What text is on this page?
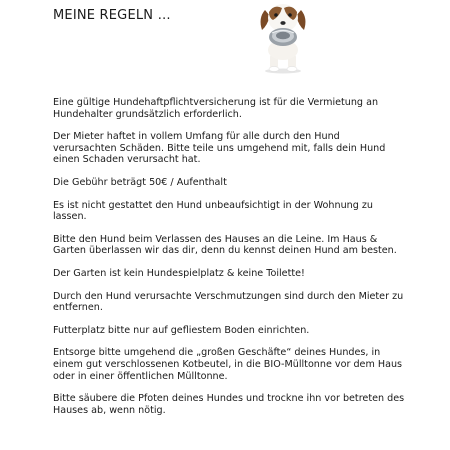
MEINE REGELN …

Eine gültige Hundehaftpflichtversicherung ist für die Vermietung an Hundehalter grundsätzlich erforderlich.

Der Mieter haftet in vollem Umfang für alle durch den Hund verursachten Schäden. Bitte teile uns umgehend mit, falls dein Hund einen Schaden verursacht hat.

Die Gebühr beträgt 50€ / Aufenthalt

Es ist nicht gestattet den Hund unbeaufsichtigt in der Wohnung zu lassen.

Bitte den Hund beim Verlassen des Hauses an die Leine. Im Haus & Garten überlassen wir das dir, denn du kennst deinen Hund am besten.

Der Garten ist kein Hundespielplatz & keine Toilette!

Durch den Hund verursachte Verschmutzungen sind durch den Mieter zu entfernen.

Futterplatz bitte nur auf gefliestem Boden einrichten.

Entsorge bitte umgehend die „großen Geschäfte“ deines Hundes, in einem gut verschlossenen Kotbeutel, in die BIO-Mülltonne vor dem Haus oder in einer öffentlichen Mülltonne.

Bitte säubere die Pfoten deines Hundes und trockne ihn vor betreten des Hauses ab, wenn nötig.
